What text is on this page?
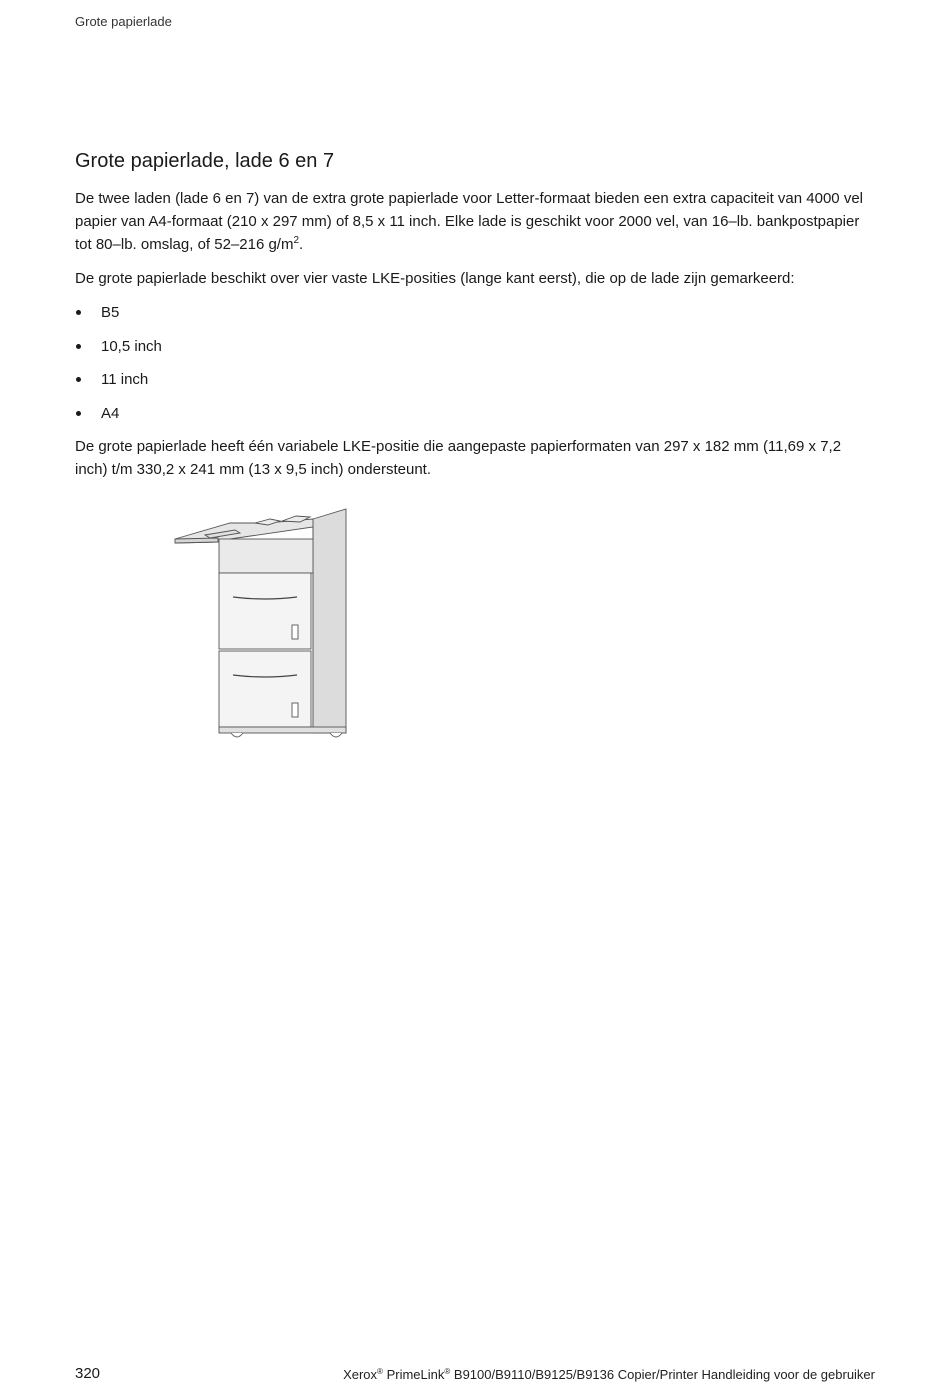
Grote papierlade
Grote papierlade, lade 6 en 7

De twee laden (lade 6 en 7) van de extra grote papierlade voor Letter-formaat bieden een extra capaciteit van 4000 vel papier van A4-formaat (210 x 297 mm) of 8,5 x 11 inch. Elke lade is geschikt voor 2000 vel, van 16–lb. bankpostpapier tot 80–lb. omslag, of 52–216 $g/m^2$.

De grote papierlade beschikt over vier vaste LKE-posities (lange kant eerst), die op de lade zijn gemarkeerd:

B5
10,5 inch
11 inch
A4

De grote papierlade heeft één variabele LKE-positie die aangepaste papierformaten van 297 x 182 mm (11,69 x 7,2 inch) t/m 330,2 x 241 mm (13 x 9,5 inch) ondersteunt.

320	Xerox® PrimeLink® B9100/B9110/B9125/B9136 Copier/Printer Handleiding voor de gebruiker
